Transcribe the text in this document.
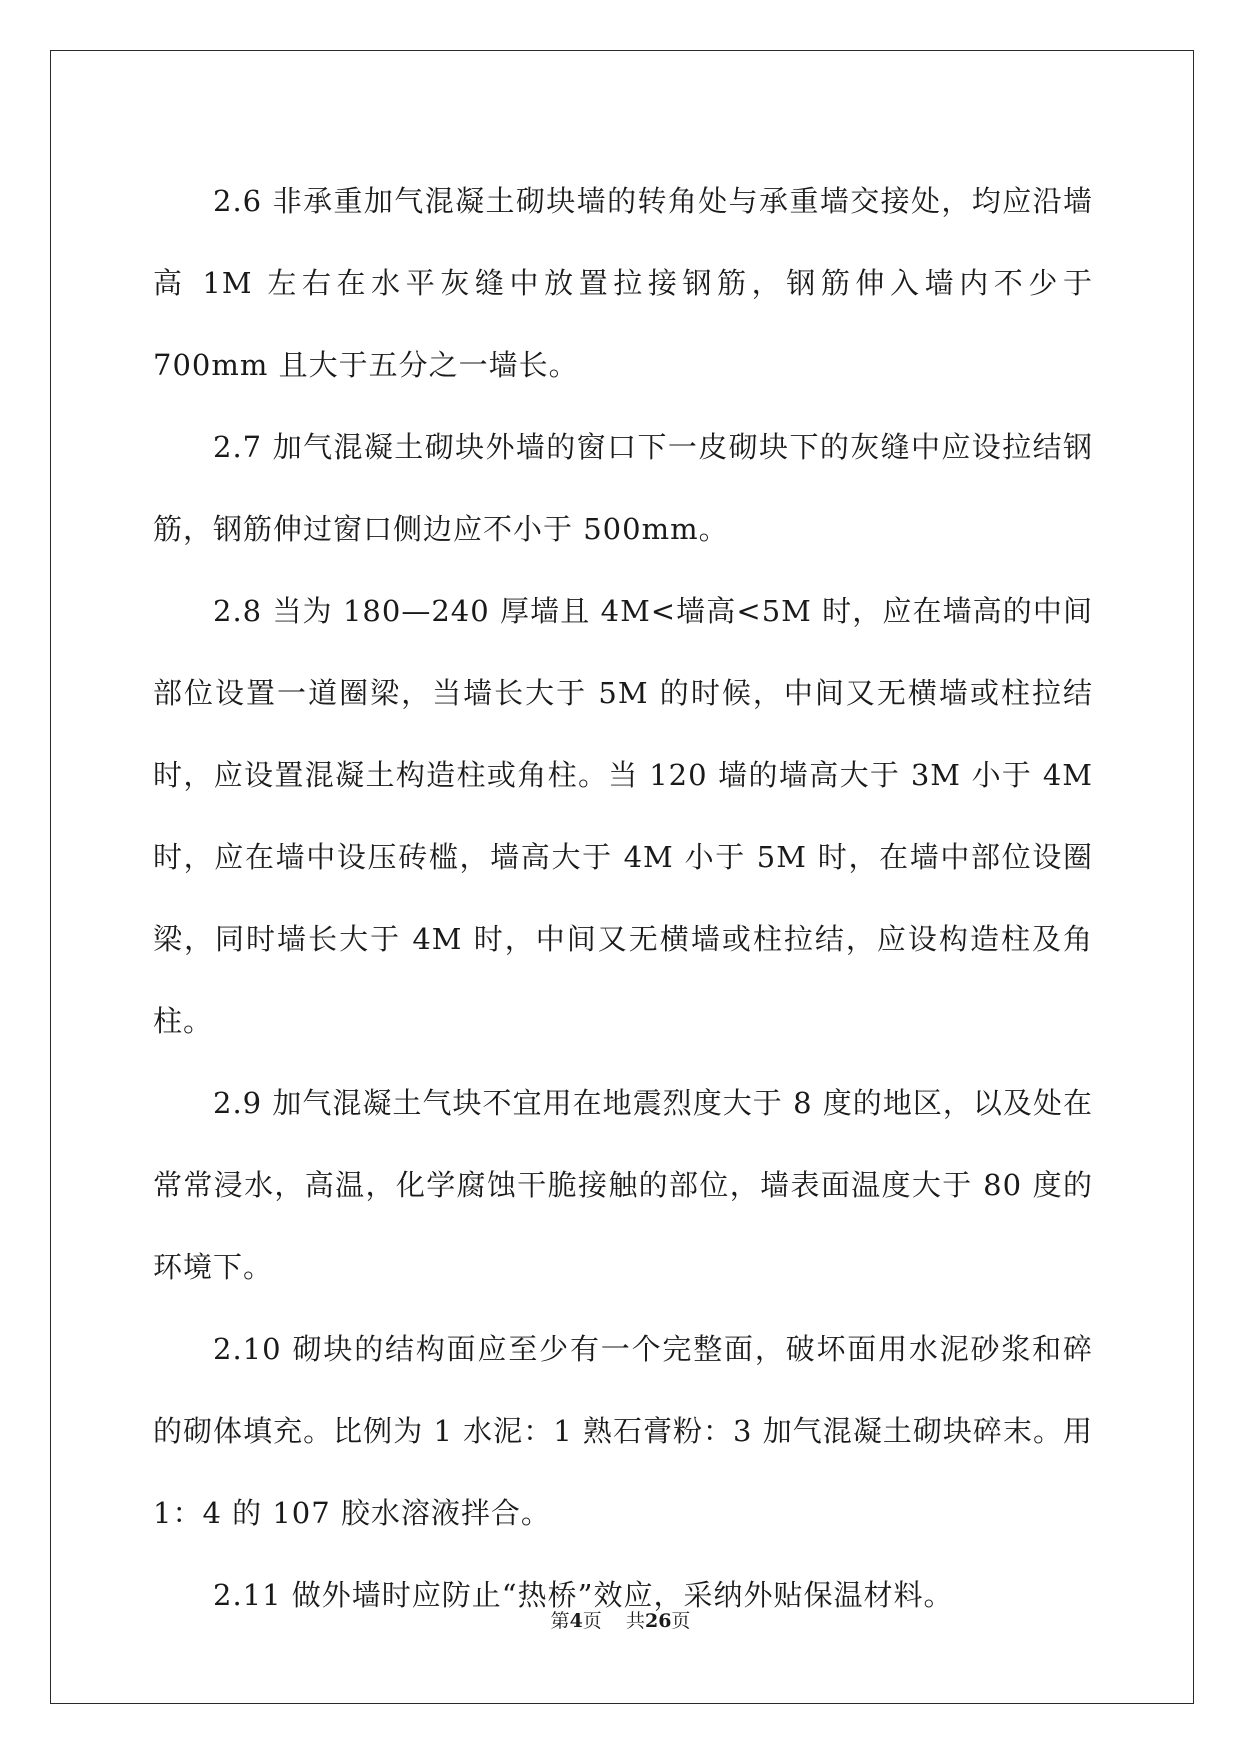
2.6 非承重加气混凝土砌块墙的转角处与承重墙交接处，均应沿墙高 1M 左右在水平灰缝中放置拉接钢筋，钢筋伸入墙内不少于 700mm 且大于五分之一墙长。

2.7 加气混凝土砌块外墙的窗口下一皮砌块下的灰缝中应设拉结钢筋，钢筋伸过窗口侧边应不小于 500mm。

2.8 当为 180—240 厚墙且 4M<墙高<5M 时，应在墙高的中间部位设置一道圈梁，当墙长大于 5M 的时候，中间又无横墙或柱拉结时，应设置混凝土构造柱或角柱。当 120 墙的墙高大于 3M 小于 4M 时，应在墙中设压砖槛，墙高大于 4M 小于 5M 时，在墙中部位设圈梁，同时墙长大于 4M 时，中间又无横墙或柱拉结，应设构造柱及角柱。

2.9 加气混凝土气块不宜用在地震烈度大于 8 度的地区，以及处在常常浸水，高温，化学腐蚀干脆接触的部位，墙表面温度大于 80 度的环境下。

2.10 砌块的结构面应至少有一个完整面，破坏面用水泥砂浆和碎的砌体填充。比例为 1 水泥：1 熟石膏粉：3 加气混凝土砌块碎末。用 1：4 的 107 胶水溶液拌合。

2.11 做外墙时应防止“热桥”效应，采纳外贴保温材料。

第4页    共26页
